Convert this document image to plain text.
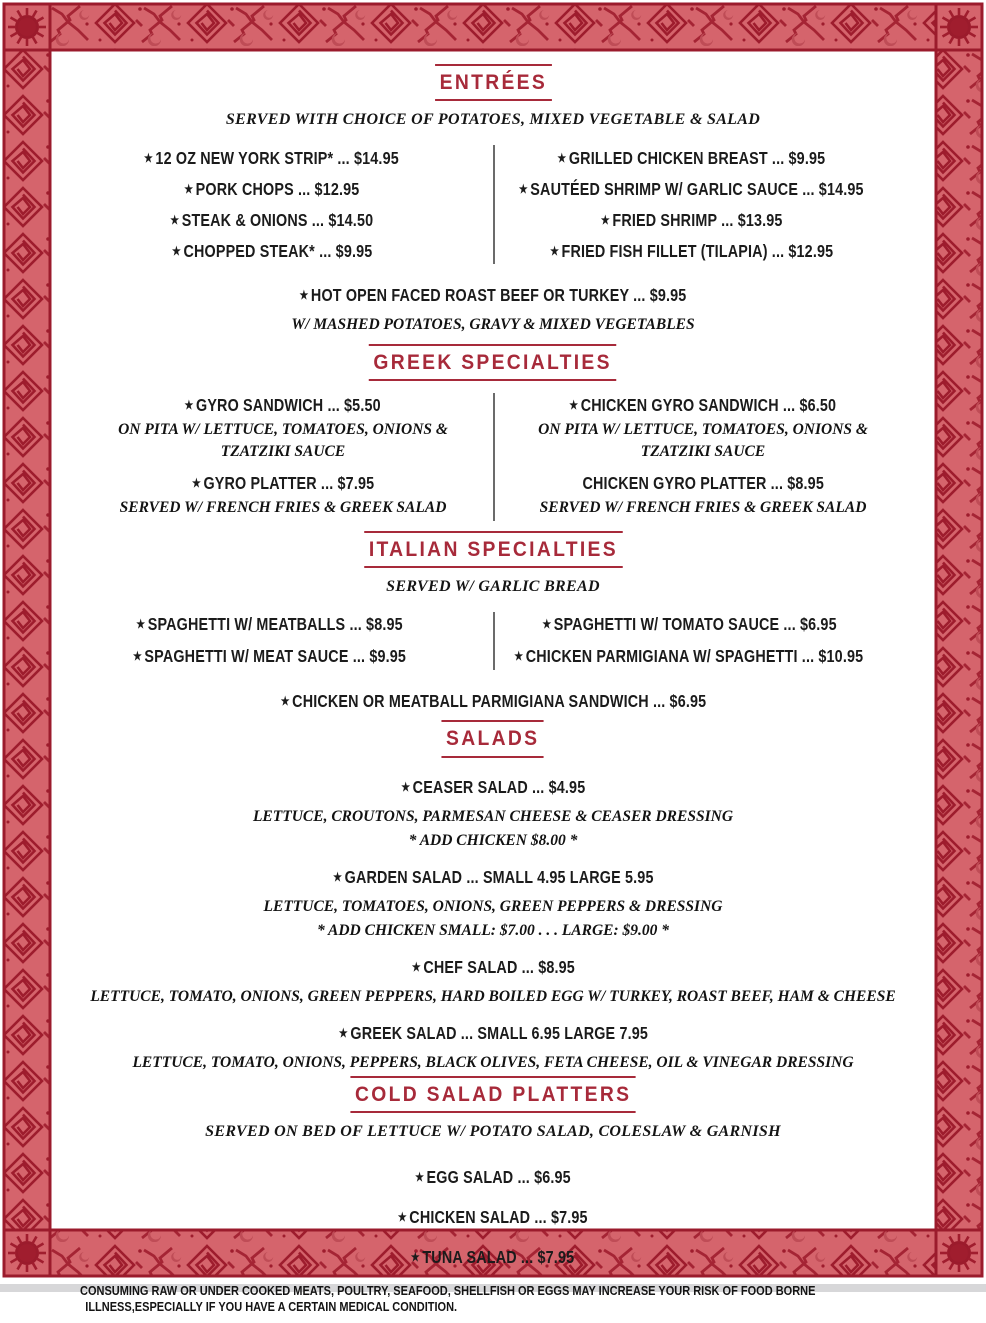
ENTRÉES
SERVED WITH CHOICE OF POTATOES, MIXED VEGETABLE & SALAD
★ 12 OZ NEW YORK STRIP* ... $14.95
★ PORK CHOPS ... $12.95
★ STEAK & ONIONS ... $14.50
★ CHOPPED STEAK* ... $9.95
★ GRILLED CHICKEN BREAST ... $9.95
★ SAUTÉED SHRIMP W/ GARLIC SAUCE ... $14.95
★ FRIED SHRIMP ... $13.95
★ FRIED FISH FILLET (TILAPIA) ... $12.95
★ HOT OPEN FACED ROAST BEEF OR TURKEY ... $9.95
W/ MASHED POTATOES, GRAVY & MIXED VEGETABLES
GREEK SPECIALTIES
★ GYRO SANDWICH ... $5.50
ON PITA W/ LETTUCE, TOMATOES, ONIONS & TZATZIKI SAUCE
★ GYRO PLATTER ... $7.95
SERVED W/ FRENCH FRIES & GREEK SALAD
★ CHICKEN GYRO SANDWICH ... $6.50
ON PITA W/ LETTUCE, TOMATOES, ONIONS & TZATZIKI SAUCE
CHICKEN GYRO PLATTER ... $8.95
SERVED W/ FRENCH FRIES & GREEK SALAD
ITALIAN SPECIALTIES
SERVED W/ GARLIC BREAD
★ SPAGHETTI W/ MEATBALLS ... $8.95
★ SPAGHETTI W/ MEAT SAUCE ... $9.95
★ SPAGHETTI W/ TOMATO SAUCE ... $6.95
★ CHICKEN PARMIGIANA W/ SPAGHETTI ... $10.95
★ CHICKEN OR MEATBALL PARMIGIANA SANDWICH ... $6.95
SALADS
★ CEASER SALAD ... $4.95
LETTUCE, CROUTONS, PARMESAN CHEESE & CEASER DRESSING
* ADD CHICKEN $8.00 *
★ GARDEN SALAD ... SMALL 4.95 LARGE 5.95
LETTUCE, TOMATOES, ONIONS, GREEN PEPPERS & DRESSING
* ADD CHICKEN SMALL: $7.00 . . . LARGE: $9.00 *
★ CHEF SALAD ... $8.95
LETTUCE, TOMATO, ONIONS, GREEN PEPPERS, HARD BOILED EGG W/ TURKEY, ROAST BEEF, HAM & CHEESE
★ GREEK SALAD ... SMALL 6.95 LARGE 7.95
LETTUCE, TOMATO, ONIONS, PEPPERS, BLACK OLIVES, FETA CHEESE, OIL & VINEGAR DRESSING
COLD SALAD PLATTERS
SERVED ON BED OF LETTUCE W/ POTATO SALAD, COLESLAW & GARNISH
★ EGG SALAD ... $6.95
★ CHICKEN SALAD ... $7.95
★ TUNA SALAD ... $7.95
CONSUMING RAW OR UNDER COOKED MEATS, POULTRY, SEAFOOD, SHELLFISH OR EGGS MAY INCREASE YOUR RISK OF FOOD BORNE
ILLNESS,ESPECIALLY IF YOU HAVE A CERTAIN MEDICAL CONDITION.
